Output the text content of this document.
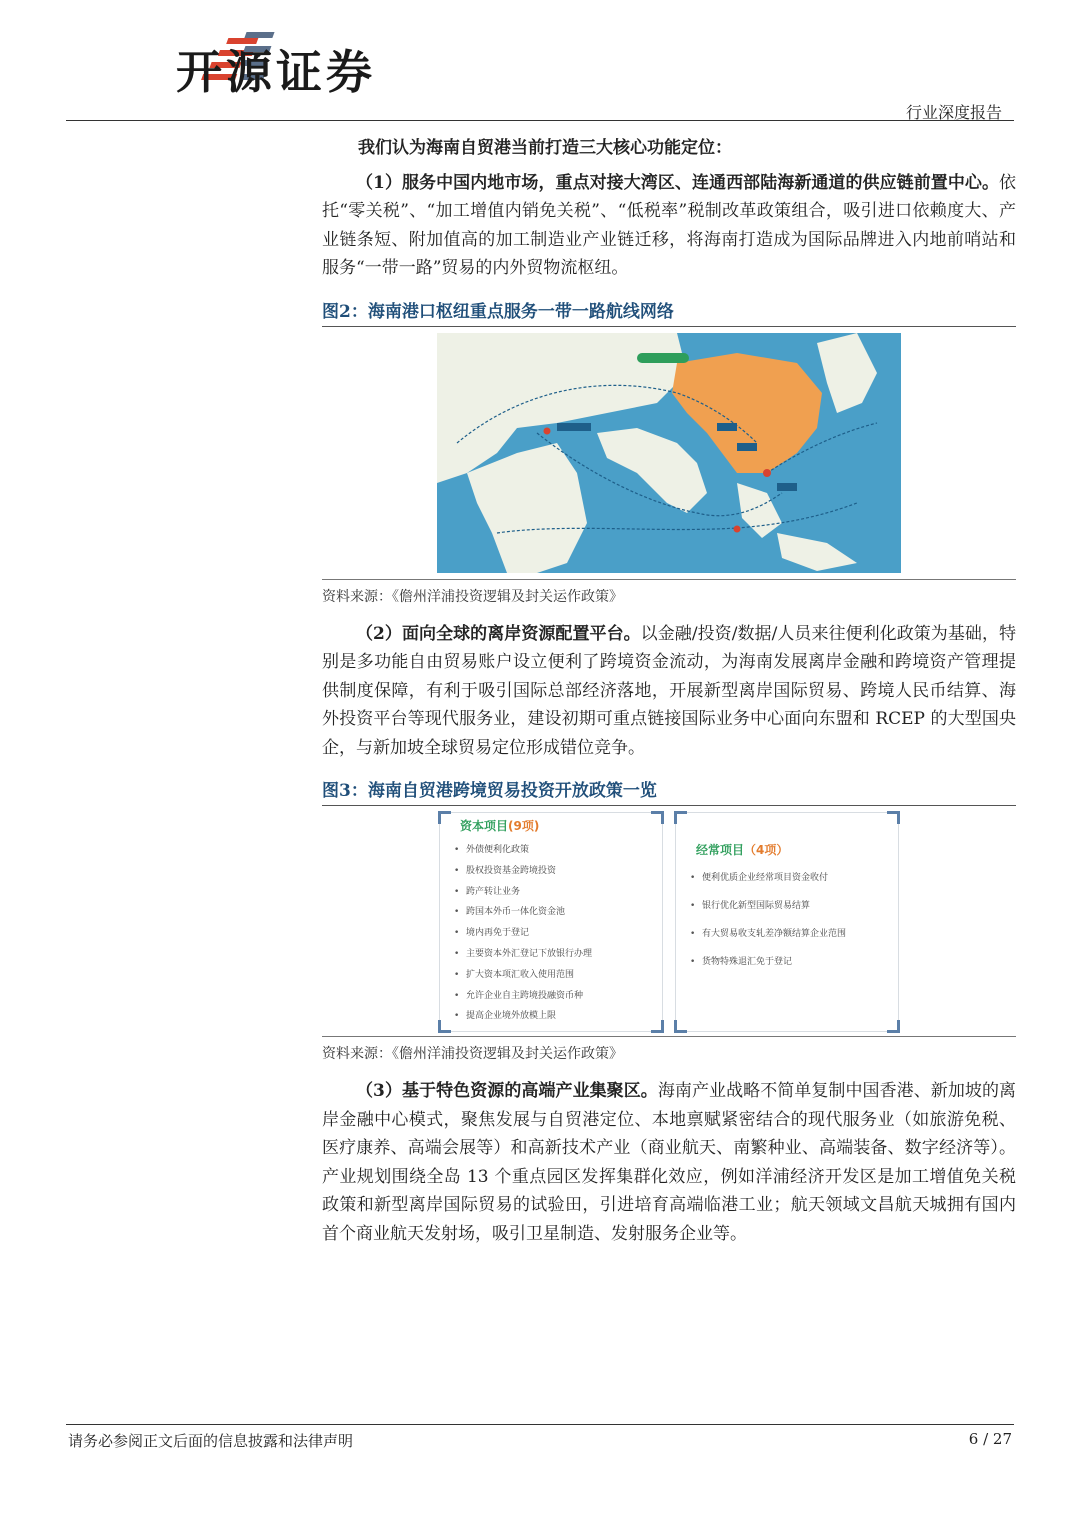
开源证券
行业深度报告

我们认为海南自贸港当前打造三大核心功能定位：

（1）服务中国内地市场，重点对接大湾区、连通西部陆海新通道的供应链前置中心。依托“零关税”、“加工增值内销免关税”、“低税率”税制改革政策组合，吸引进口依赖度大、产业链条短、附加值高的加工制造业产业链迁移，将海南打造成为国际品牌进入内地前哨站和服务“一带一路”贸易的内外贸物流枢纽。

图2：海南港口枢纽重点服务一带一路航线网络
资料来源：《儋州洋浦投资逻辑及封关运作政策》

（2）面向全球的离岸资源配置平台。以金融/投资/数据/人员来往便利化政策为基础，特别是多功能自由贸易账户设立便利了跨境资金流动，为海南发展离岸金融和跨境资产管理提供制度保障，有利于吸引国际总部经济落地，开展新型离岸国际贸易、跨境人民币结算、海外投资平台等现代服务业，建设初期可重点链接国际业务中心面向东盟和 RCEP 的大型国央企，与新加坡全球贸易定位形成错位竞争。

图3：海南自贸港跨境贸易投资开放政策一览
资本项目(9项)
• 外债便利化政策
• 股权投资基金跨境投资
• 跨产转让业务
• 跨国本外币一体化资金池
• 境内再免于登记
• 主要资本外汇登记下放银行办理
• 扩大资本项汇收入使用范围
• 允许企业自主跨境投融资币种
• 提高企业境外放模上限
经常项目（4项）
• 便利优质企业经常项目资金收付
• 银行优化新型国际贸易结算
• 有大贸易收支轧差净额结算企业范围
• 货物特殊退汇免于登记
资料来源：《儋州洋浦投资逻辑及封关运作政策》

（3）基于特色资源的高端产业集聚区。海南产业战略不简单复制中国香港、新加坡的离岸金融中心模式，聚焦发展与自贸港定位、本地禀赋紧密结合的现代服务业（如旅游免税、医疗康养、高端会展等）和高新技术产业（商业航天、南繁种业、高端装备、数字经济等）。产业规划围绕全岛 13 个重点园区发挥集群化效应，例如洋浦经济开发区是加工增值免关税政策和新型离岸国际贸易的试验田，引进培育高端临港工业；航天领域文昌航天城拥有国内首个商业航天发射场，吸引卫星制造、发射服务企业等。

请务必参阅正文后面的信息披露和法律声明	6 / 27
